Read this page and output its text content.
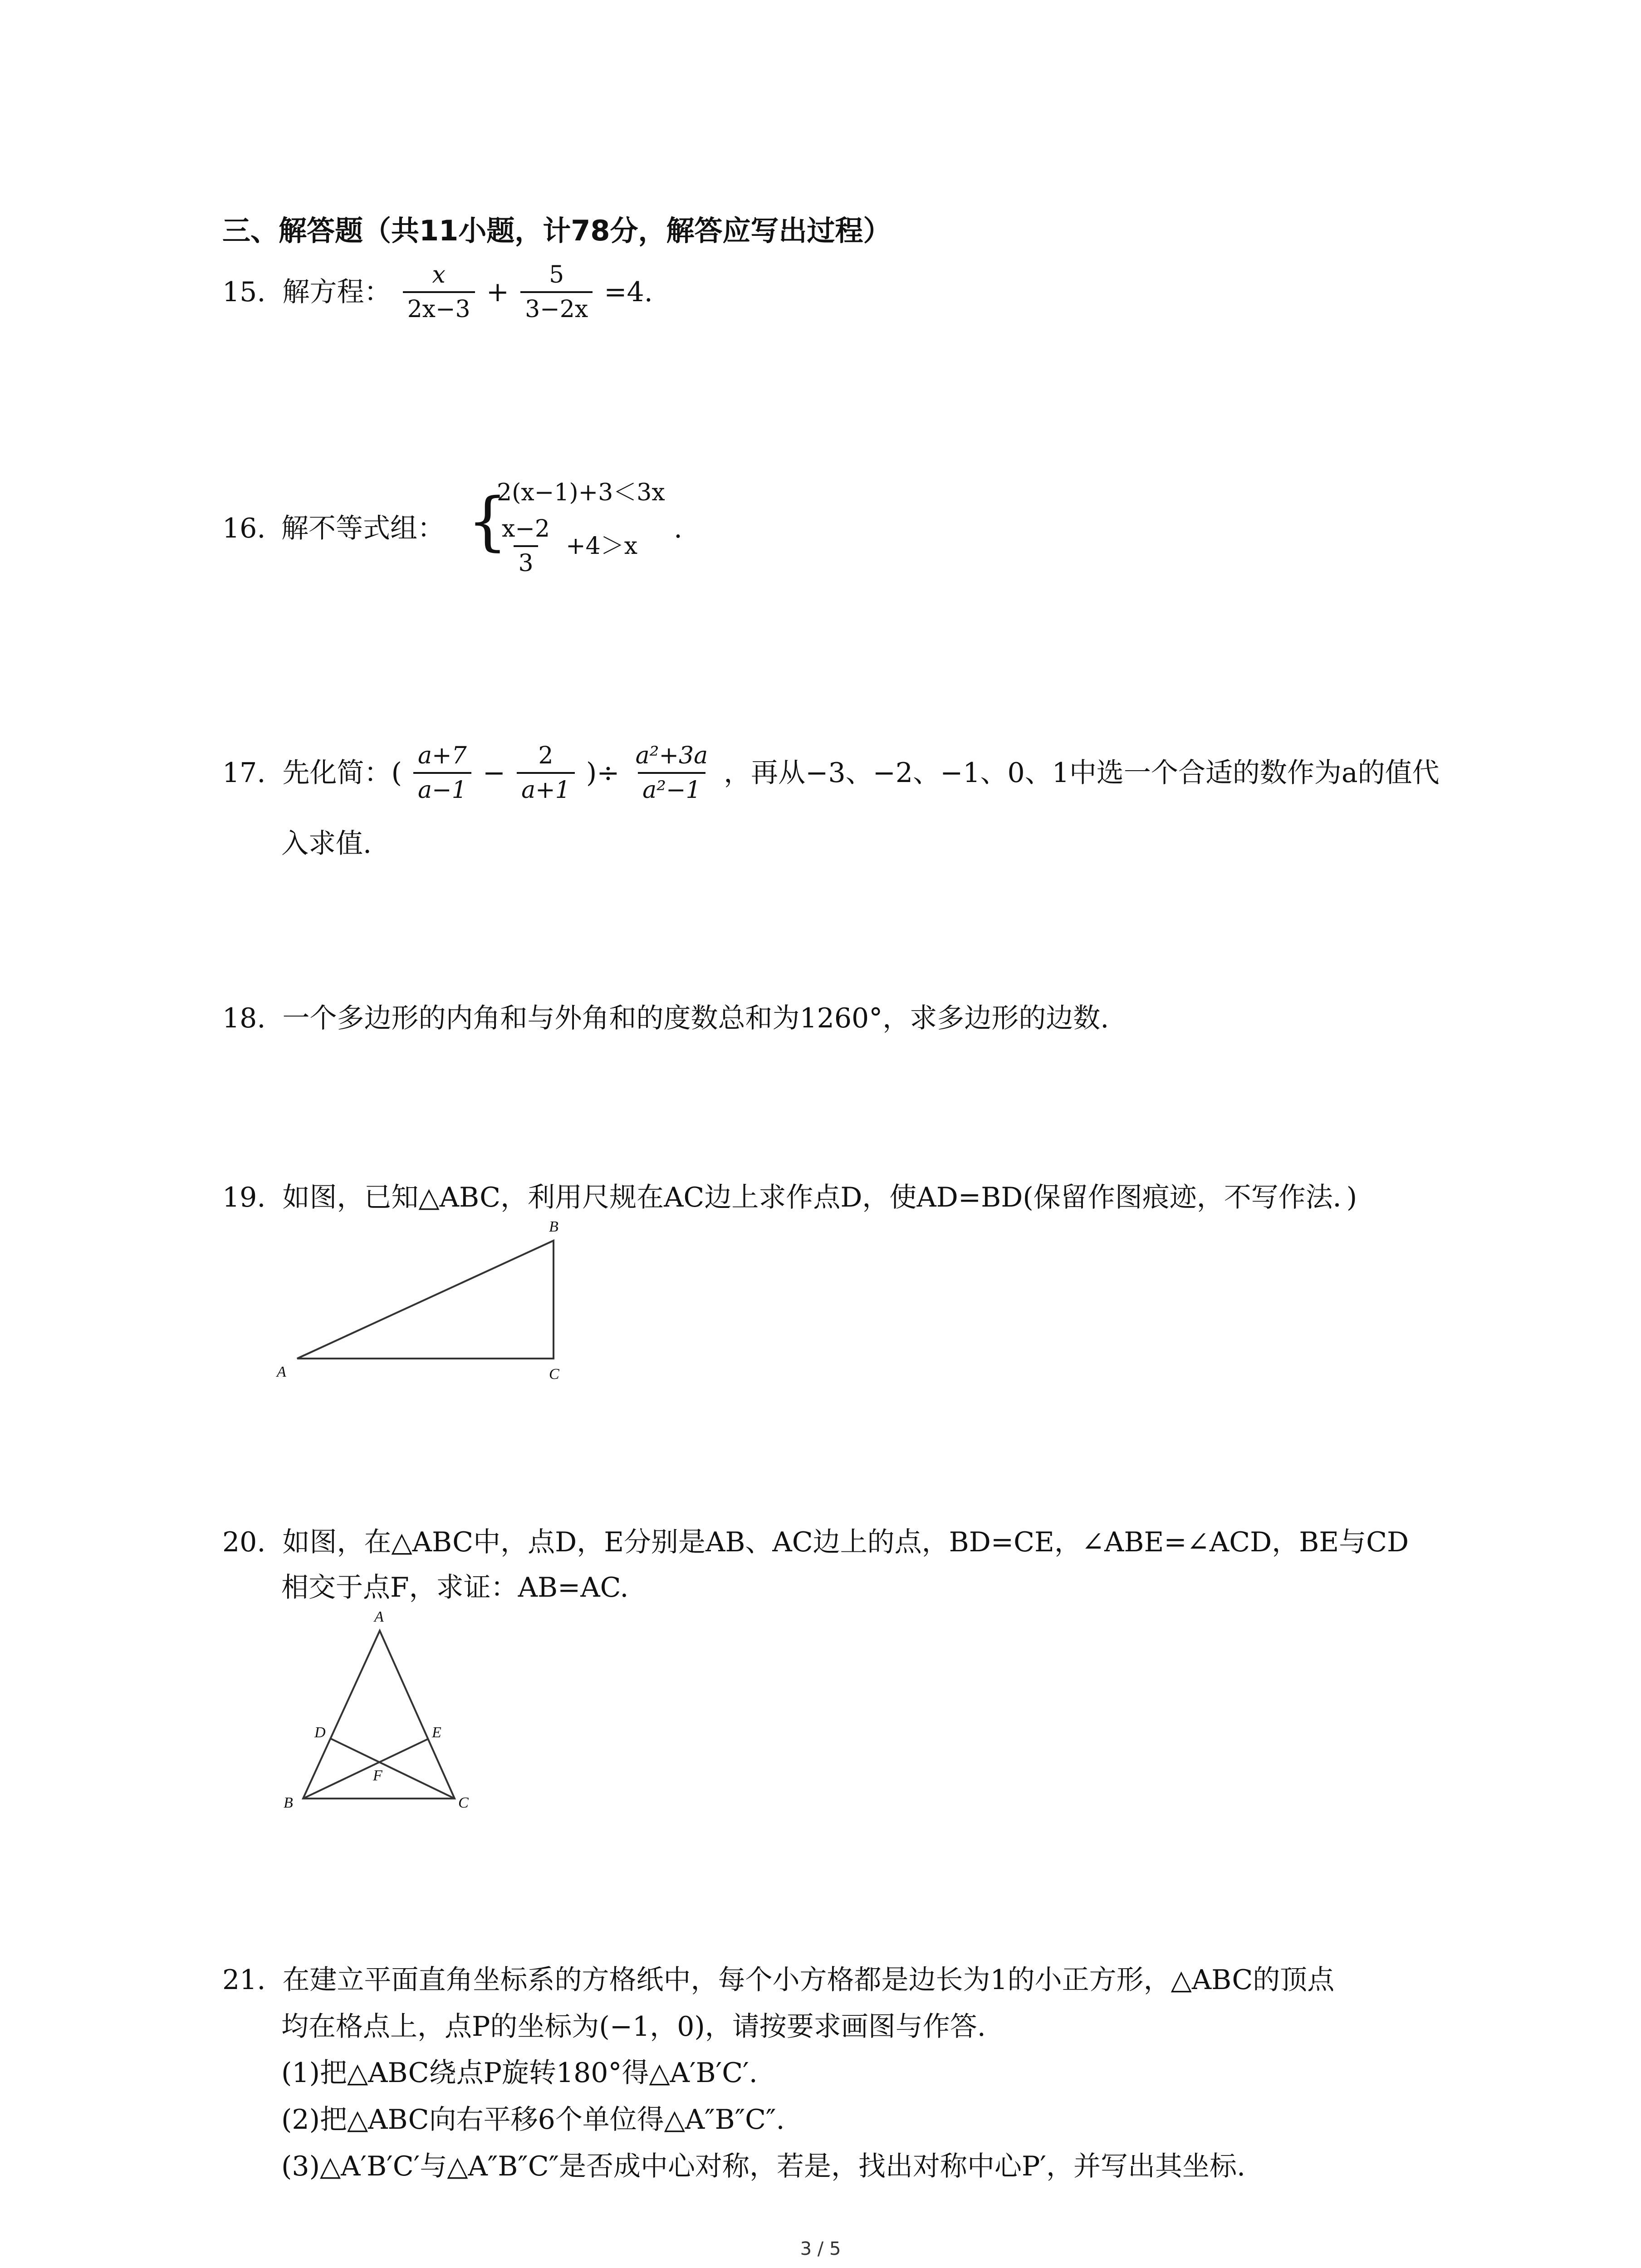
三、解答题（共11小题，计78分，解答应写出过程）
15. 解方程： $\frac{x}{2x-3} + \frac{5}{3-2x} =4$.
16. 解不等式组： {
2(x−1)+3＜3x
$\frac{x-2}{3} +4>x$
.
17. 先化简：( $\frac{a+7}{a-1} - \frac{2}{a+1}$ )÷ $\frac{\text{a²+3a}}{\text{a²−1}}$ ，再从−3、−2、−1、0、1中选一个合适的数作为a的值代
入求值.
18. 一个多边形的内角和与外角和的度数总和为1260°，求多边形的边数.
19. 如图，已知△ABC，利用尺规在AC边上求作点D，使AD=BD(保留作图痕迹，不写作法．)
A
B
C
20. 如图，在△ABC中，点D，E分别是AB、AC边上的点，BD=CE，∠ABE=∠ACD，BE与CD
相交于点F，求证：AB=AC.
A
B	C
D	E
F
21. 在建立平面直角坐标系的方格纸中，每个小方格都是边长为1的小正方形，△ABC的顶点
均在格点上，点P的坐标为(−1，0)，请按要求画图与作答.
(1)把△ABC绕点P旋转180°得△A′B′C′.
(2)把△ABC向右平移6个单位得△A″B″C″.
(3)△A′B′C′与△A″B″C″是否成中心对称，若是，找出对称中心P′，并写出其坐标.
3 / 5
